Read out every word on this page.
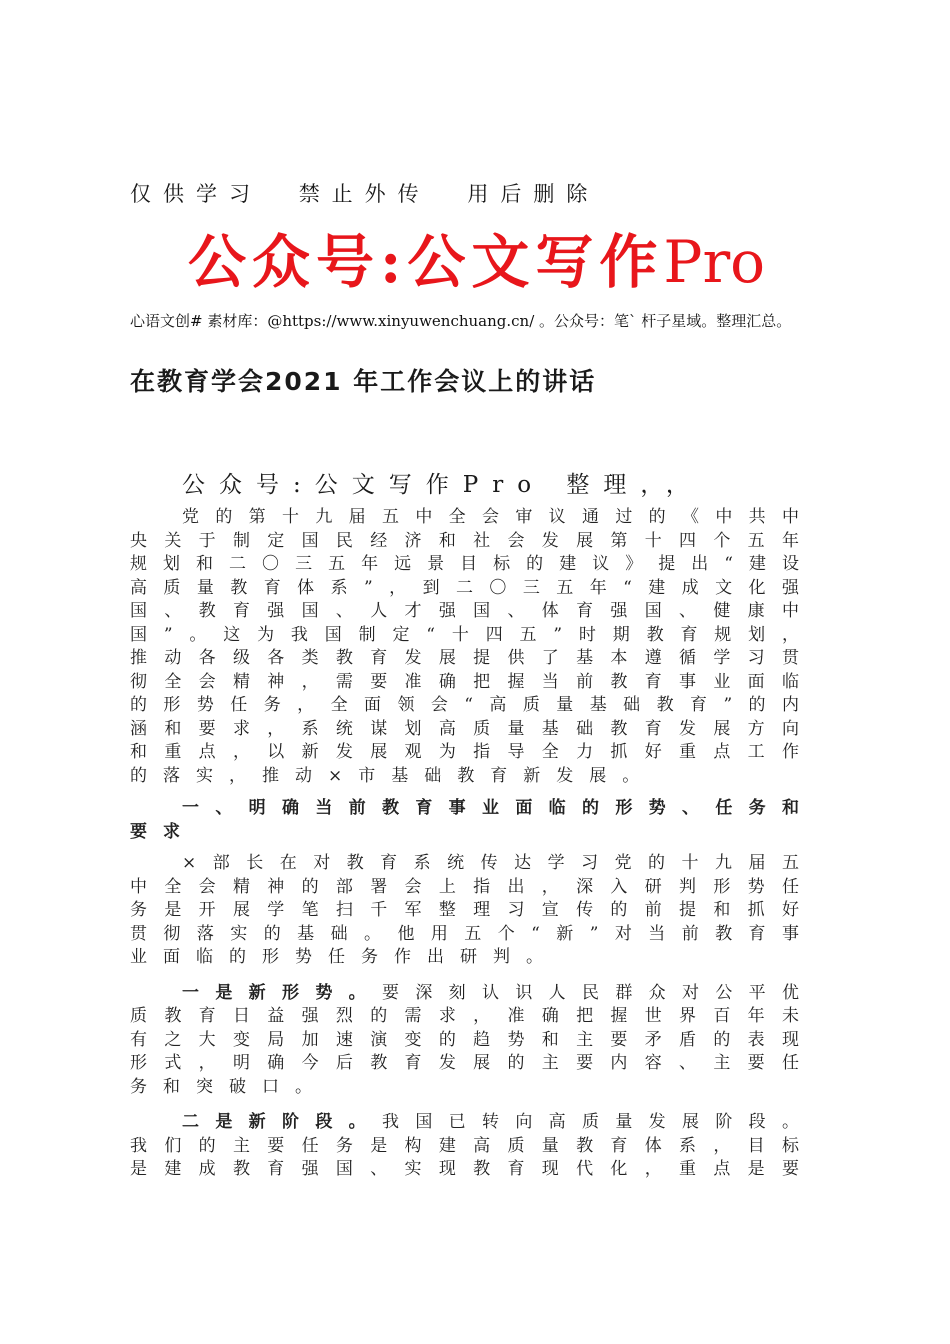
仅供学习 禁止外传 用后删除
公众号:公文写作Pro
心语文创# 素材库：@https://www.xinyuwenchuang.cn/ 。公众号：笔` 杆子星域。整理汇总。
在教育学会2021 年工作会议上的讲话
公众号:公文写作Pro 整理，，

党的第十九届五中全会审议通过的《中共中央关于制定国民经济和社会发展第十四个五年规划和二〇三五年远景目标的建议》提出“建设高质量教育体系”，到二〇三五年“建成文化强国、教育强国、人才强国、体育强国、健康中国”。这为我国制定“十四五”时期教育规划，推动各级各类教育发展提供了基本遵循学习贯彻全会精神，需要准确把握当前教育事业面临的形势任务，全面领会“高质量基础教育”的内涵和要求，系统谋划高质量基础教育发展方向和重点，以新发展观为指导全力抓好重点工作的落实，推动×市基础教育新发展。

一、明确当前教育事业面临的形势、任务和要求

×部长在对教育系统传达学习党的十九届五中全会精神的部署会上指出，深入研判形势任务是开展学笔扫千军整理习宣传的前提和抓好贯彻落实的基础。他用五个“新”对当前教育事业面临的形势任务作出研判。

一是新形势。要深刻认识人民群众对公平优质教育日益强烈的需求，准确把握世界百年未有之大变局加速演变的趋势和主要矛盾的表现形式，明确今后教育发展的主要内容、主要任务和突破口。

二是新阶段。我国已转向高质量发展阶段。我们的主要任务是构建高质量教育体系，目标是建成教育强国、实现教育现代化，重点是要
